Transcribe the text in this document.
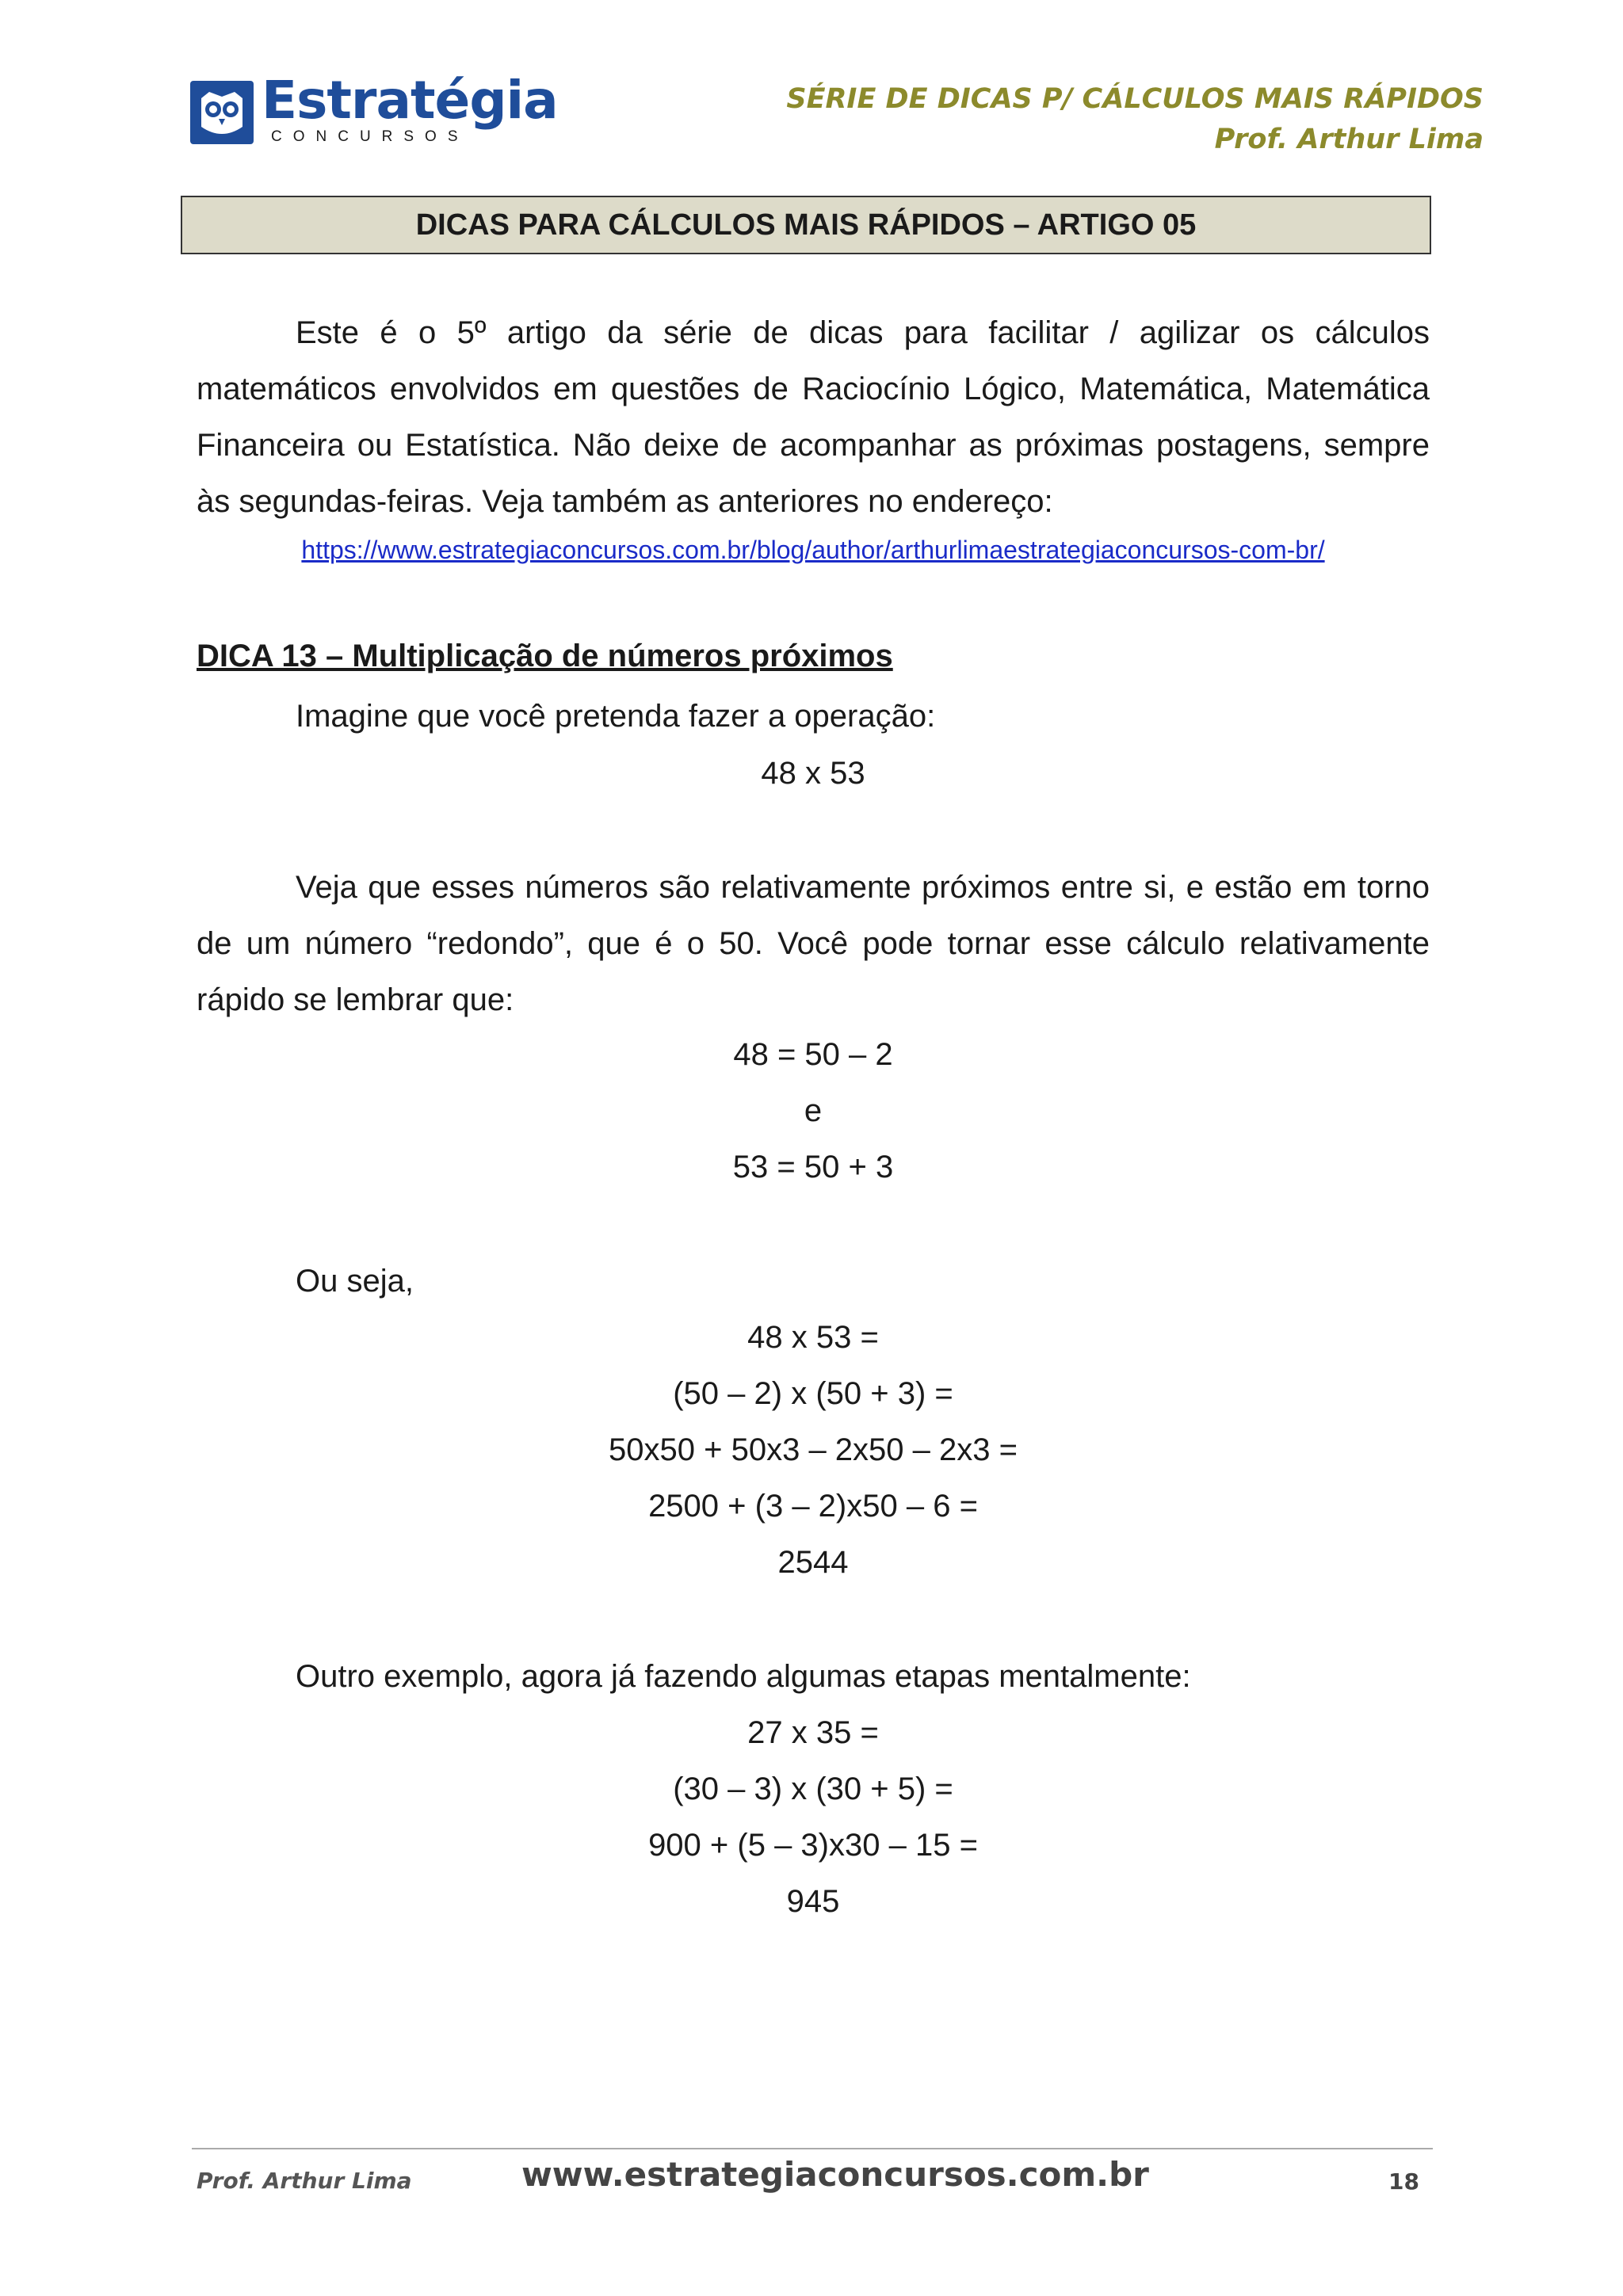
Estratégia
CONCURSOS
SÉRIE DE DICAS P/ CÁLCULOS MAIS RÁPIDOS
Prof. Arthur Lima
DICAS PARA CÁLCULOS MAIS RÁPIDOS – ARTIGO 05
Este é o 5º artigo da série de dicas para facilitar / agilizar os cálculos matemáticos envolvidos em questões de Raciocínio Lógico, Matemática, Matemática Financeira ou Estatística. Não deixe de acompanhar as próximas postagens, sempre às segundas-feiras. Veja também as anteriores no endereço:
https://www.estrategiaconcursos.com.br/blog/author/arthurlimaestrategiaconcursos-com-br/
DICA 13 – Multiplicação de números próximos
Imagine que você pretenda fazer a operação:
48 x 53
Veja que esses números são relativamente próximos entre si, e estão em torno de um número “redondo”, que é o 50. Você pode tornar esse cálculo relativamente rápido se lembrar que:
48 = 50 – 2
e
53 = 50 + 3
Ou seja,
48 x 53 =
(50 – 2) x (50 + 3) =
50x50 + 50x3 – 2x50 – 2x3 =
2500 + (3 – 2)x50 – 6 =
2544
Outro exemplo, agora já fazendo algumas etapas mentalmente:
27 x 35 =
(30 – 3) x (30 + 5) =
900 + (5 – 3)x30 – 15 =
945
Prof. Arthur Lima	www.estrategiaconcursos.com.br	18
